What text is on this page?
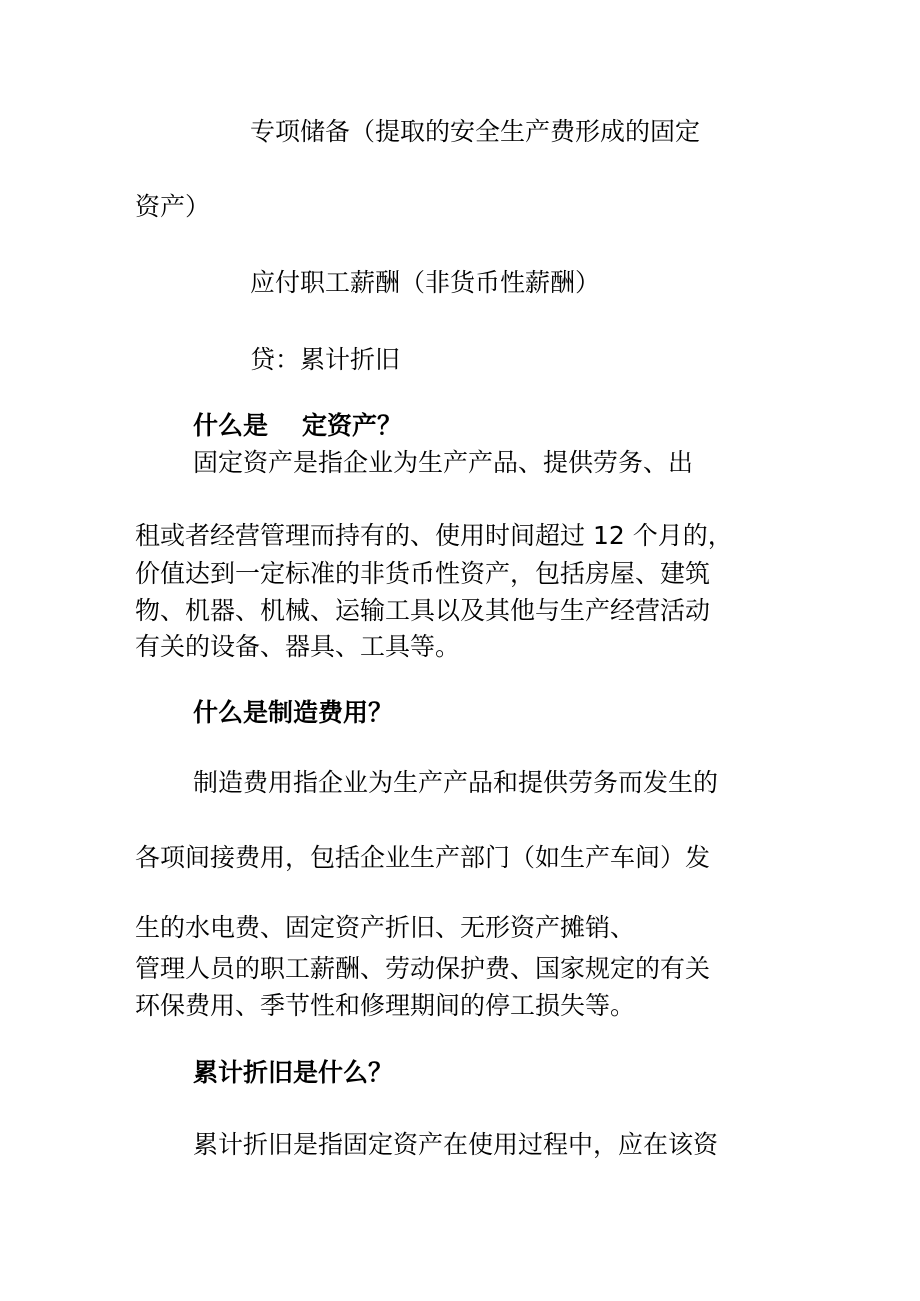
专项储备（提取的安全生产费形成的固定
资产）
应付职工薪酬（非货币性薪酬）
贷：累计折旧
什么是 定资产？
固定资产是指企业为生产产品、提供劳务、出
租或者经营管理而持有的、使用时间超过 12 个月的，
价值达到一定标准的非货币性资产，包括房屋、建筑
物、机器、机械、运输工具以及其他与生产经营活动
有关的设备、器具、工具等。
什么是制造费用？
制造费用指企业为生产产品和提供劳务而发生的
各项间接费用，包括企业生产部门（如生产车间）发
生的水电费、固定资产折旧、无形资产摊销、
管理人员的职工薪酬、劳动保护费、国家规定的有关
环保费用、季节性和修理期间的停工损失等。
累计折旧是什么？
累计折旧是指固定资产在使用过程中，应在该资
